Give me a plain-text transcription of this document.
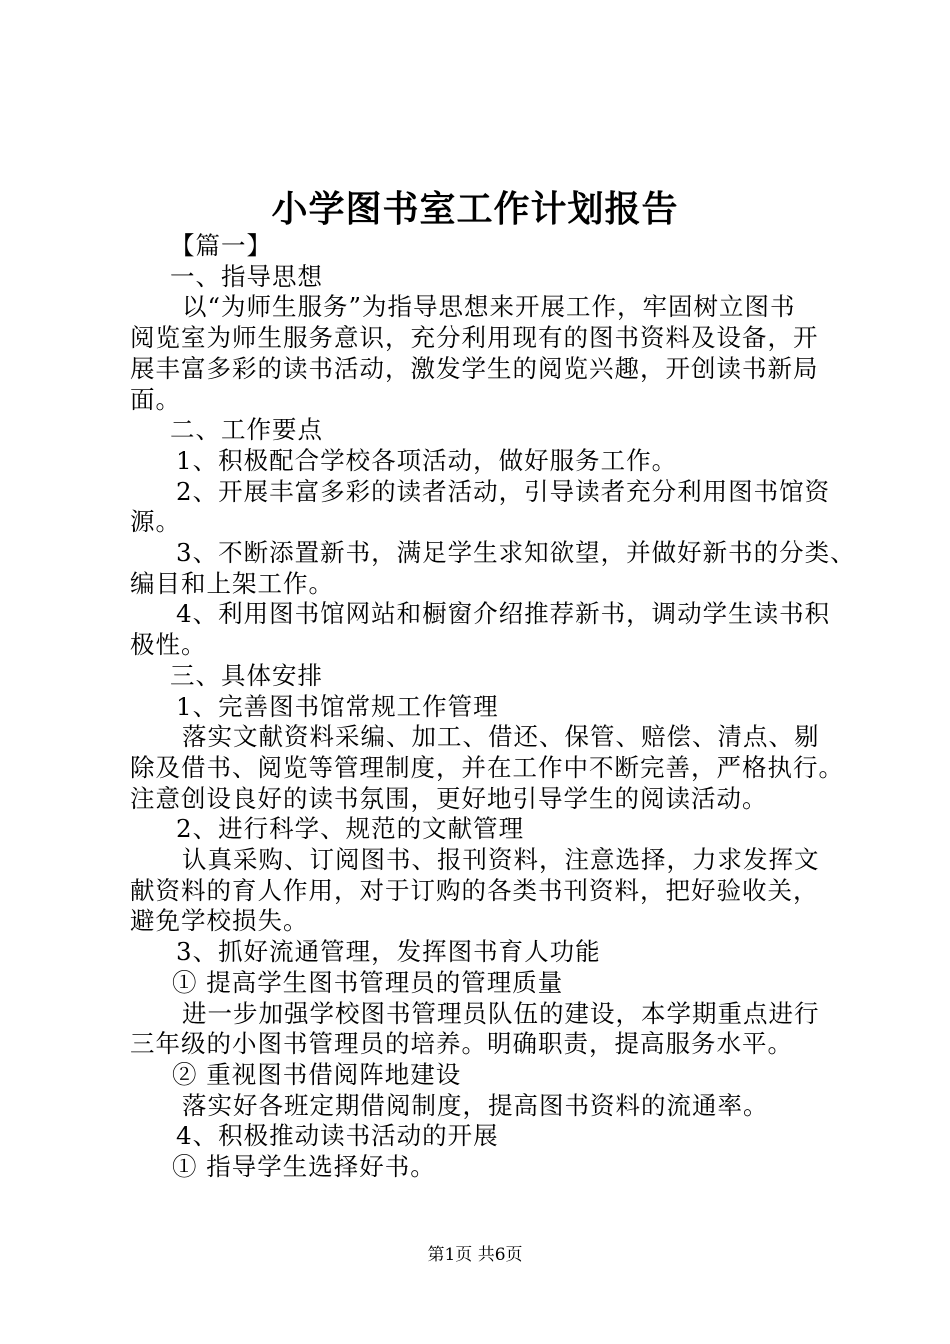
小学图书室工作计划报告

【篇一】

一、指导思想

以“为师生服务”为指导思想来开展工作，牢固树立图书

阅览室为师生服务意识，充分利用现有的图书资料及设备，开

展丰富多彩的读书活动，激发学生的阅览兴趣，开创读书新局

面。

二、工作要点

1、积极配合学校各项活动，做好服务工作。

2、开展丰富多彩的读者活动，引导读者充分利用图书馆资

源。

3、不断添置新书，满足学生求知欲望，并做好新书的分类、

编目和上架工作。

4、利用图书馆网站和橱窗介绍推荐新书，调动学生读书积

极性。

三、具体安排

1、完善图书馆常规工作管理

落实文献资料采编、加工、借还、保管、赔偿、清点、剔

除及借书、阅览等管理制度，并在工作中不断完善，严格执行。

注意创设良好的读书氛围，更好地引导学生的阅读活动。

2、进行科学、规范的文献管理

认真采购、订阅图书、报刊资料，注意选择，力求发挥文

献资料的育人作用，对于订购的各类书刊资料，把好验收关，

避免学校损失。

3、抓好流通管理，发挥图书育人功能

① 提高学生图书管理员的管理质量

进一步加强学校图书管理员队伍的建设，本学期重点进行

三年级的小图书管理员的培养。明确职责，提高服务水平。

② 重视图书借阅阵地建设

落实好各班定期借阅制度，提高图书资料的流通率。

4、积极推动读书活动的开展

① 指导学生选择好书。

第1页 共6页
